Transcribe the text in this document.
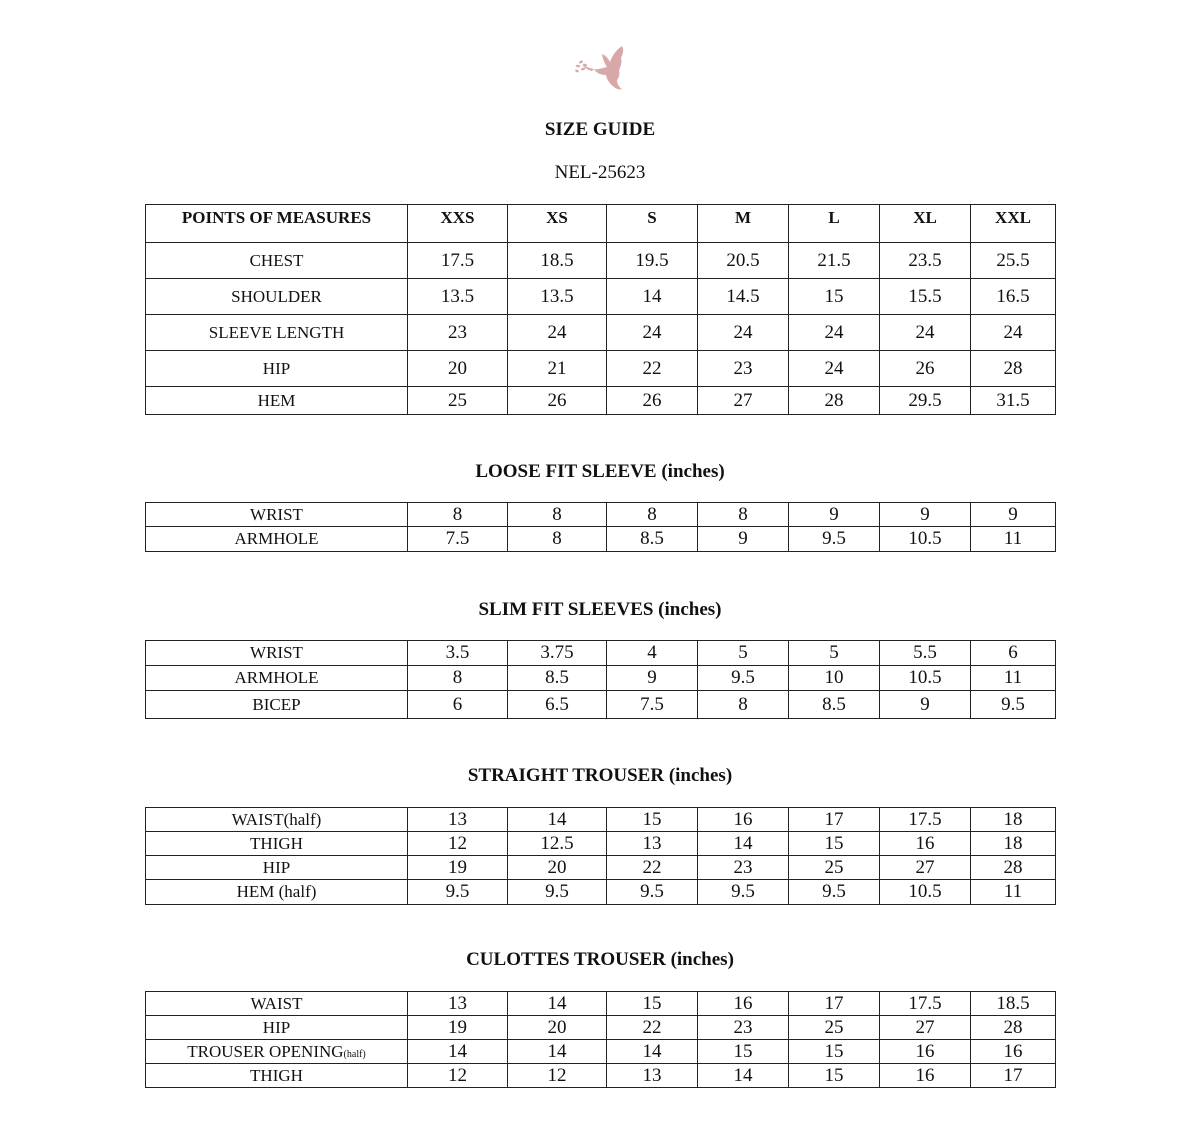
SIZE GUIDE
NEL-25623
POINTS OF MEASURES	XXS	XS	S	M	L	XL	XXL
CHEST	17.5	18.5	19.5	20.5	21.5	23.5	25.5
SHOULDER	13.5	13.5	14	14.5	15	15.5	16.5
SLEEVE LENGTH	23	24	24	24	24	24	24
HIP	20	21	22	23	24	26	28
HEM	25	26	26	27	28	29.5	31.5
LOOSE FIT SLEEVE (inches)
WRIST	8	8	8	8	9	9	9
ARMHOLE	7.5	8	8.5	9	9.5	10.5	11
SLIM FIT SLEEVES (inches)
WRIST	3.5	3.75	4	5	5	5.5	6
ARMHOLE	8	8.5	9	9.5	10	10.5	11
BICEP	6	6.5	7.5	8	8.5	9	9.5
STRAIGHT TROUSER (inches)
WAIST(half)	13	14	15	16	17	17.5	18
THIGH	12	12.5	13	14	15	16	18
HIP	19	20	22	23	25	27	28
HEM (half)	9.5	9.5	9.5	9.5	9.5	10.5	11
CULOTTES TROUSER (inches)
WAIST	13	14	15	16	17	17.5	18.5
HIP	19	20	22	23	25	27	28
TROUSER OPENING(half)	14	14	14	15	15	16	16
THIGH	12	12	13	14	15	16	17
